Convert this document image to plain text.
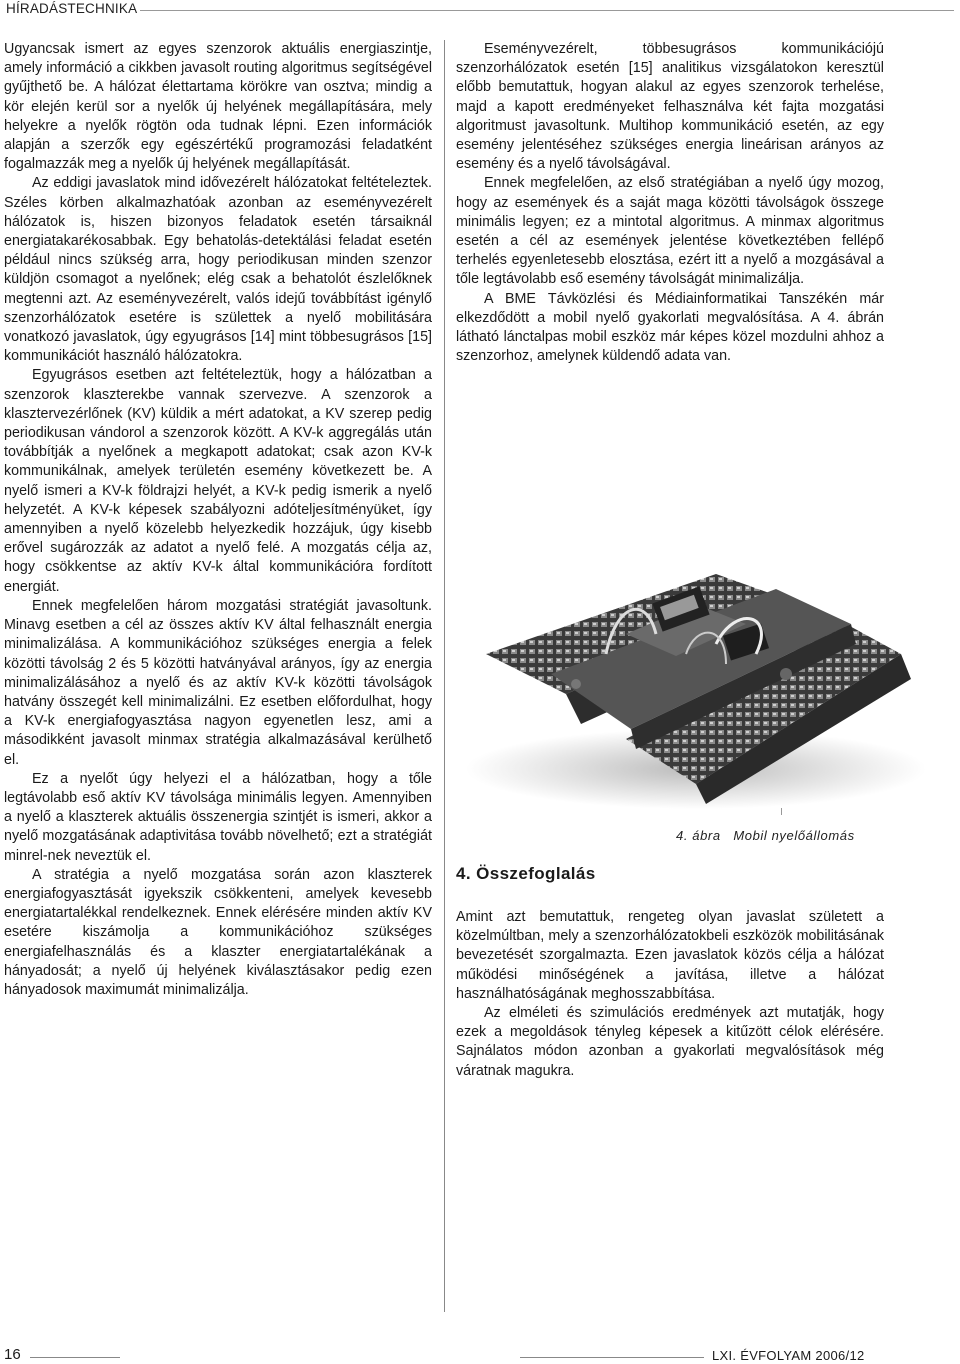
HÍRADÁSTECHNIKA

Ugyancsak ismert az egyes szenzorok aktuális energiaszintje, amely információ a cikkben javasolt routing algoritmus segítségével gyűjthető be. A hálózat élettartama körökre van osztva; mindig a kör elején kerül sor a nyelők új helyének megállapítására, mely helyekre a nyelők rögtön oda tudnak lépni. Ezen információk alapján a szerzők egy egészértékű programozási feladatként fogalmazzák meg a nyelők új helyének megállapítását.

Az eddigi javaslatok mind idővezérelt hálózatokat feltételeztek. Széles körben alkalmazhatóak azonban az eseményvezérelt hálózatok is, hiszen bizonyos feladatok esetén társaiknál energiatakarékosabbak. Egy behatolás-detektálási feladat esetén például nincs szükség arra, hogy periodikusan minden szenzor küldjön csomagot a nyelőnek; elég csak a behatolót észlelőknek megtenni azt. Az eseményvezérelt, valós idejű továbbítást igénylő szenzorhálózatok esetére is születtek a nyelő mobilitására vonatkozó javaslatok, úgy egyugrásos [14] mint többesugrásos [15] kommunikációt használó hálózatokra.

Egyugrásos esetben azt feltételeztük, hogy a hálózatban a szenzorok klaszterekbe vannak szervezve. A szenzorok a klasztervezérlőnek (KV) küldik a mért adatokat, a KV szerep pedig periodikusan vándorol a szenzorok között. A KV-k aggregálás után továbbítják a nyelőnek a megkapott adatokat; csak azon KV-k kommunikálnak, amelyek területén esemény következett be. A nyelő ismeri a KV-k földrajzi helyét, a KV-k pedig ismerik a nyelő helyzetét. A KV-k képesek szabályozni adóteljesítményüket, így amennyiben a nyelő közelebb helyezkedik hozzájuk, úgy kisebb erővel sugározzák az adatot a nyelő felé. A mozgatás célja az, hogy csökkentse az aktív KV-k által kommunikációra fordított energiát.

Ennek megfelelően három mozgatási stratégiát javasoltunk. Minavg esetben a cél az összes aktív KV által felhasznált energia minimalizálása. A kommunikációhoz szükséges energia a felek közötti távolság 2 és 5 közötti hatványával arányos, így az energia minimalizálásához a nyelő és az aktív KV-k közötti távolságok hatvány összegét kell minimalizálni. Ez esetben előfordulhat, hogy a KV-k energiafogyasztása nagyon egyenetlen lesz, ami a másodikként javasolt minmax stratégia alkalmazásával kerülhető el.

Ez a nyelőt úgy helyezi el a hálózatban, hogy a tőle legtávolabb eső aktív KV távolsága minimális legyen. Amennyiben a nyelő a klaszterek aktuális összenergia szintjét is ismeri, akkor a nyelő mozgatásának adaptivitása tovább növelhető; ezt a stratégiát minrel-nek neveztük el.

A stratégia a nyelő mozgatása során azon klaszterek energiafogyasztását igyekszik csökkenteni, amelyek kevesebb energiatartalékkal rendelkeznek. Ennek elérésére minden aktív KV esetére kiszámolja a kommunikációhoz szükséges energiafelhasználás és a klaszter energiatartalékának a hányadosát; a nyelő új helyének kiválasztásakor pedig ezen hányadosok maximumát minimalizálja.

Eseményvezérelt, többesugrásos kommunikációjú szenzorhálózatok esetén [15] analitikus vizsgálatokon keresztül előbb bemutattuk, hogyan alakul az egyes szenzorok terhelése, majd a kapott eredményeket felhasználva két fajta mozgatási algoritmust javasoltunk. Multihop kommunikáció esetén, az egy esemény jelentéséhez szükséges energia lineárisan arányos az esemény és a nyelő távolságával.

Ennek megfelelően, az első stratégiában a nyelő úgy mozog, hogy az események és a saját maga közötti távolságok összege minimális legyen; ez a mintotal algoritmus. A minmax algoritmus esetén a cél az események jelentése következtében fellépő terhelés egyenletesebb elosztása, ezért itt a nyelő a mozgásával a tőle legtávolabb eső esemény távolságát minimalizálja.

A BME Távközlési és Médiainformatikai Tanszékén már elkezdődött a mobil nyelő gyakorlati megvalósítása. A 4. ábrán látható lánctalpas mobil eszköz már képes közel mozdulni ahhoz a szenzorhoz, amelynek küldendő adata van.

4. ábra Mobil nyelőállomás
4. Összefoglalás

Amint azt bemutattuk, rengeteg olyan javaslat született a közelmúltban, mely a szenzorhálózatokbeli eszközök mobilitásának bevezetését szorgalmazta. Ezen javaslatok közös célja a hálózat működési minőségének a javítása, illetve a hálózat használhatóságának meghosszabbítása.

Az elméleti és szimulációs eredmények azt mutatják, hogy ezek a megoldások tényleg képesek a kitűzött célok elérésére. Sajnálatos módon azonban a gyakorlati megvalósítások még váratnak magukra.

16	LXI. ÉVFOLYAM 2006/12
